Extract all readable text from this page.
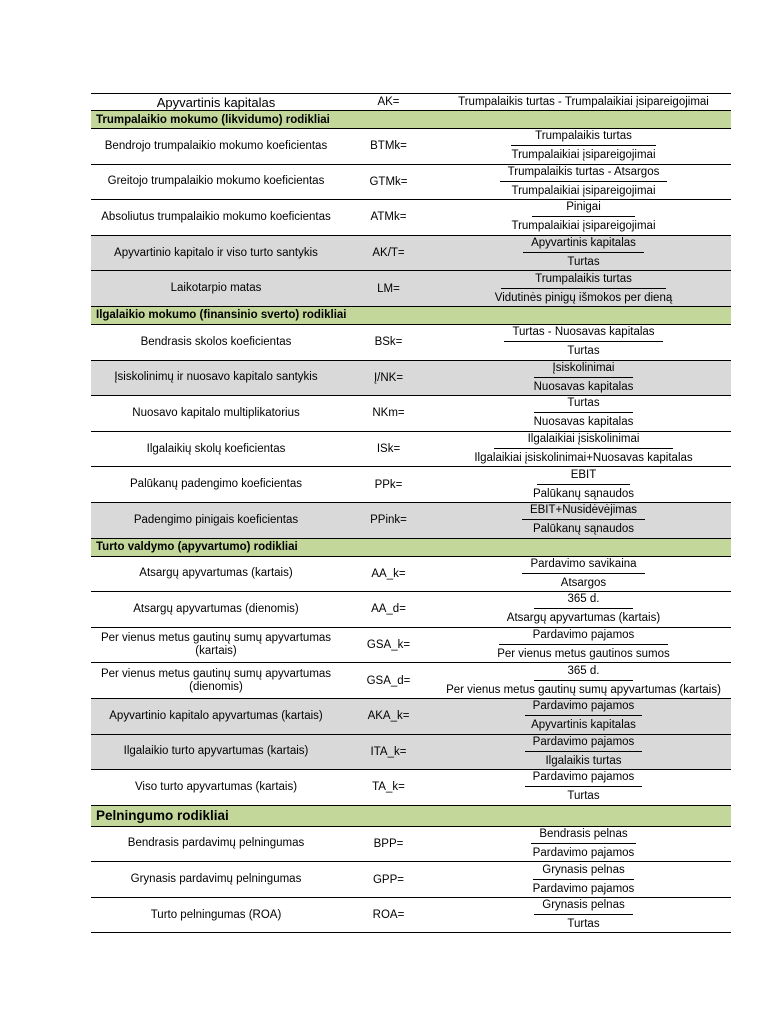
Apyvartinis kapitalas	AK=	Trumpalaikis turtas - Trumpalaikiai įsipareigojimai
Trumpalaikio mokumo (likvidumo) rodikliai
Bendrojo trumpalaikio mokumo koeficientas	BTMk=
Trumpalaikis turtas
Trumpalaikiai įsipareigojimai
Greitojo trumpalaikio mokumo koeficientas	GTMk=
Trumpalaikis turtas - Atsargos
Trumpalaikiai įsipareigojimai
Absoliutus trumpalaikio mokumo koeficientas	ATMk=
Pinigai
Trumpalaikiai įsipareigojimai
Apyvartinio kapitalo ir viso turto santykis	AK/T=
Apyvartinis kapitalas
Turtas
Laikotarpio matas	LM=
Trumpalaikis turtas
Vidutinės pinigų išmokos per dieną
Ilgalaikio mokumo (finansinio sverto) rodikliai
Bendrasis skolos koeficientas	BSk=
Turtas - Nuosavas kapitalas
Turtas
Įsiskolinimų ir nuosavo kapitalo santykis	Į/NK=
Įsiskolinimai
Nuosavas kapitalas
Nuosavo kapitalo multiplikatorius	NKm=
Turtas
Nuosavas kapitalas
Ilgalaikių skolų koeficientas	ISk=
Ilgalaikiai įsiskolinimai
Ilgalaikiai įsiskolinimai+Nuosavas kapitalas
Palūkanų padengimo koeficientas	PPk=
EBIT
Palūkanų sąnaudos
Padengimo pinigais koeficientas	PPink=
EBIT+Nusidėvėjimas
Palūkanų sąnaudos
Turto valdymo (apyvartumo) rodikliai
Atsargų apyvartumas (kartais)	AA_k=
Pardavimo savikaina
Atsargos
Atsargų apyvartumas (dienomis)	AA_d=
365 d.
Atsargų apyvartumas (kartais)
Per vienus metus gautinų sumų apyvartumas (kartais)	GSA_k=
Pardavimo pajamos
Per vienus metus gautinos sumos
Per vienus metus gautinų sumų apyvartumas (dienomis)	GSA_d=
365 d.
Per vienus metus gautinų sumų apyvartumas (kartais)
Apyvartinio kapitalo apyvartumas (kartais)	AKA_k=
Pardavimo pajamos
Apyvartinis kapitalas
Ilgalaikio turto apyvartumas (kartais)	ITA_k=
Pardavimo pajamos
Ilgalaikis turtas
Viso turto apyvartumas (kartais)	TA_k=
Pardavimo pajamos
Turtas
Pelningumo rodikliai
Bendrasis pardavimų pelningumas	BPP=
Bendrasis pelnas
Pardavimo pajamos
Grynasis pardavimų pelningumas	GPP=
Grynasis pelnas
Pardavimo pajamos
Turto pelningumas (ROA)	ROA=
Grynasis pelnas
Turtas
